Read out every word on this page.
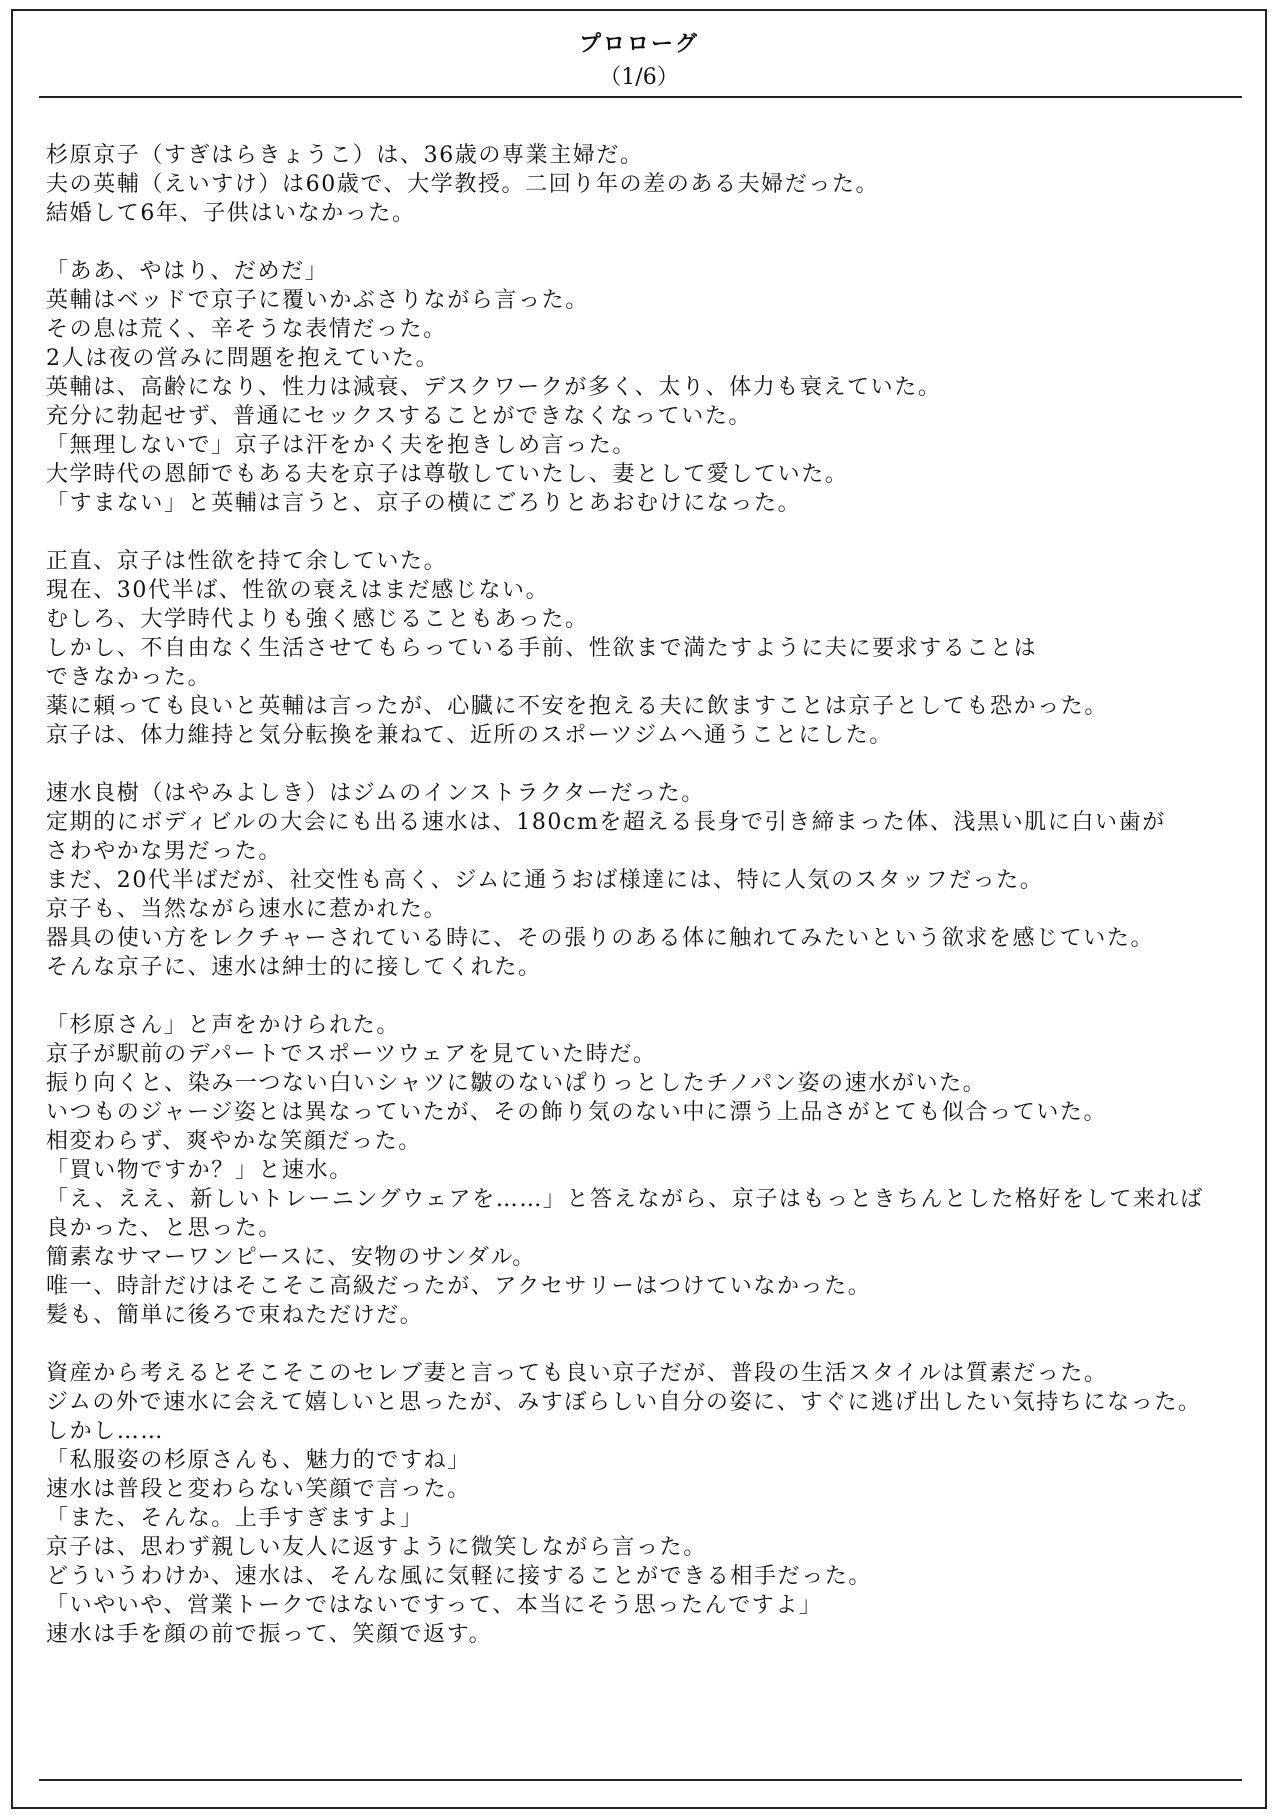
プロローグ
（1/6）
杉原京子（すぎはらきょうこ）は、36歳の専業主婦だ。
夫の英輔（えいすけ）は60歳で、大学教授。二回り年の差のある夫婦だった。
結婚して6年、子供はいなかった。
「ああ、やはり、だめだ」
英輔はベッドで京子に覆いかぶさりながら言った。
その息は荒く、辛そうな表情だった。
2人は夜の営みに問題を抱えていた。
英輔は、高齢になり、性力は減衰、デスクワークが多く、太り、体力も衰えていた。
充分に勃起せず、普通にセックスすることができなくなっていた。
「無理しないで」京子は汗をかく夫を抱きしめ言った。
大学時代の恩師でもある夫を京子は尊敬していたし、妻として愛していた。
「すまない」と英輔は言うと、京子の横にごろりとあおむけになった。
正直、京子は性欲を持て余していた。
現在、30代半ば、性欲の衰えはまだ感じない。
むしろ、大学時代よりも強く感じることもあった。
しかし、不自由なく生活させてもらっている手前、性欲まで満たすように夫に要求することは
できなかった。
薬に頼っても良いと英輔は言ったが、心臓に不安を抱える夫に飲ますことは京子としても恐かった。
京子は、体力維持と気分転換を兼ねて、近所のスポーツジムへ通うことにした。
速水良樹（はやみよしき）はジムのインストラクターだった。
定期的にボディビルの大会にも出る速水は、180cmを超える長身で引き締まった体、浅黒い肌に白い歯が
さわやかな男だった。
まだ、20代半ばだが、社交性も高く、ジムに通うおば様達には、特に人気のスタッフだった。
京子も、当然ながら速水に惹かれた。
器具の使い方をレクチャーされている時に、その張りのある体に触れてみたいという欲求を感じていた。
そんな京子に、速水は紳士的に接してくれた。
「杉原さん」と声をかけられた。
京子が駅前のデパートでスポーツウェアを見ていた時だ。
振り向くと、染み一つない白いシャツに皺のないぱりっとしたチノパン姿の速水がいた。
いつものジャージ姿とは異なっていたが、その飾り気のない中に漂う上品さがとても似合っていた。
相変わらず、爽やかな笑顔だった。
「買い物ですか？」と速水。
「え、ええ、新しいトレーニングウェアを……」と答えながら、京子はもっときちんとした格好をして来れば
良かった、と思った。
簡素なサマーワンピースに、安物のサンダル。
唯一、時計だけはそこそこ高級だったが、アクセサリーはつけていなかった。
髪も、簡単に後ろで束ねただけだ。
資産から考えるとそこそこのセレブ妻と言っても良い京子だが、普段の生活スタイルは質素だった。
ジムの外で速水に会えて嬉しいと思ったが、みすぼらしい自分の姿に、すぐに逃げ出したい気持ちになった。
しかし……
「私服姿の杉原さんも、魅力的ですね」
速水は普段と変わらない笑顔で言った。
「また、そんな。上手すぎますよ」
京子は、思わず親しい友人に返すように微笑しながら言った。
どういうわけか、速水は、そんな風に気軽に接することができる相手だった。
「いやいや、営業トークではないですって、本当にそう思ったんですよ」
速水は手を顔の前で振って、笑顔で返す。
